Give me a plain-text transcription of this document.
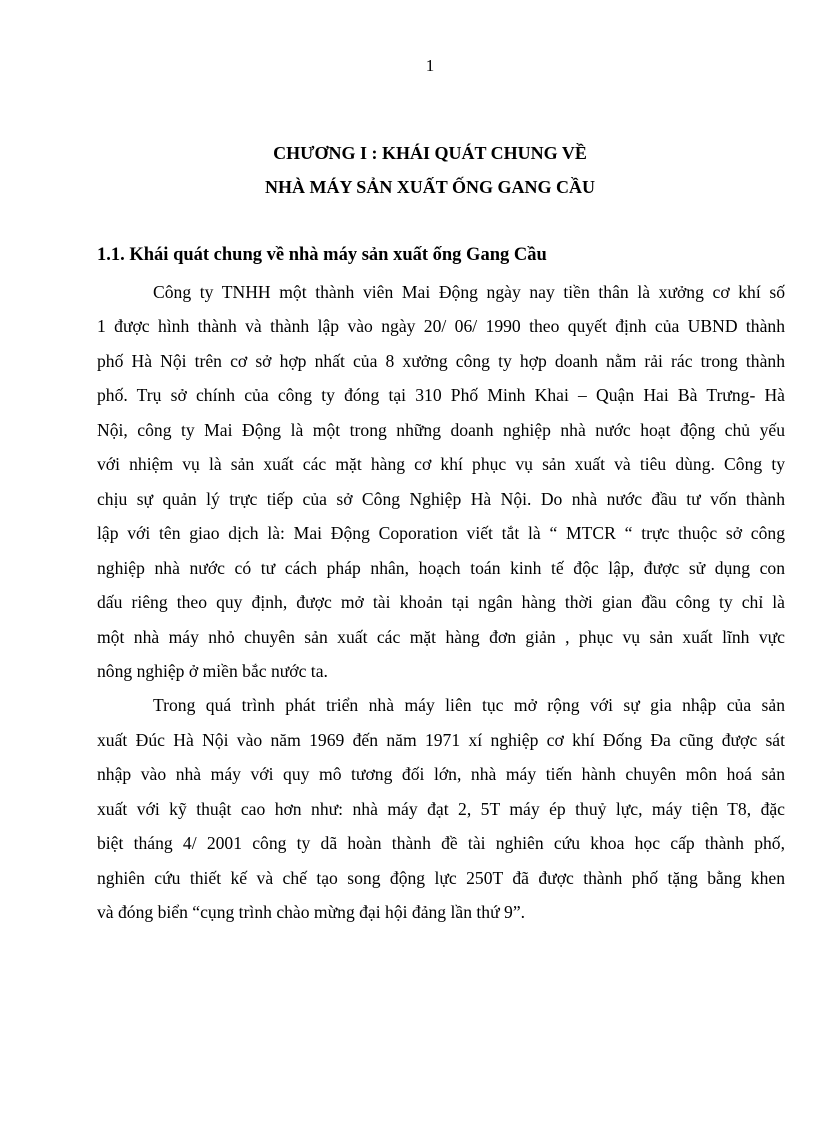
1
CHƯƠNG I : KHÁI QUÁT CHUNG VỀ
NHÀ MÁY SẢN XUẤT ỐNG GANG CẦU
1.1. Khái quát chung về nhà máy sản xuất ống Gang Cầu
Công ty TNHH một thành viên Mai Động ngày nay tiền thân là xưởng cơ khí số
1 được hình thành và thành lập vào ngày 20/ 06/ 1990 theo quyết định của UBND thành
phố Hà Nội trên cơ sở hợp nhất của 8 xưởng công ty hợp doanh nằm rải rác trong thành
phố. Trụ sở chính của công ty đóng tại 310 Phố Minh Khai – Quận Hai Bà Trưng- Hà
Nội, công ty Mai Động là một trong những doanh nghiệp nhà nước hoạt động chủ yếu
với nhiệm vụ là sản xuất các mặt hàng cơ khí phục vụ sản xuất và tiêu dùng. Công ty
chịu sự quản lý trực tiếp của sở Công Nghiệp Hà Nội. Do nhà nước đầu tư vốn thành
lập với tên giao dịch là: Mai Động Coporation viết tắt là “ MTCR “ trực thuộc sở công
nghiệp nhà nước có tư cách pháp nhân, hoạch toán kinh tế độc lập, được sử dụng con
dấu riêng theo quy định, được mở tài khoản tại ngân hàng thời gian đầu công ty chỉ là
một nhà máy nhỏ chuyên sản xuất các mặt hàng đơn giản , phục vụ sản xuất lĩnh vực
nông nghiệp ở miền bắc nước ta.
Trong quá trình phát triển nhà máy liên tục mở rộng với sự gia nhập của sản
xuất Đúc Hà Nội vào năm 1969 đến năm 1971 xí nghiệp cơ khí Đống Đa cũng được sát
nhập vào nhà máy với quy mô tương đối lớn, nhà máy tiến hành chuyên môn hoá sản
xuất với kỹ thuật cao hơn như: nhà máy đạt 2, 5T máy ép thuỷ lực, máy tiện T8, đặc
biệt tháng 4/ 2001 công ty dã hoàn thành đề tài nghiên cứu khoa học cấp thành phố,
nghiên cứu thiết kế và chế tạo song động lực 250T đã được thành phố tặng bằng khen
và đóng biển “cụng trình chào mừng đại hội đảng lần thứ 9”.
